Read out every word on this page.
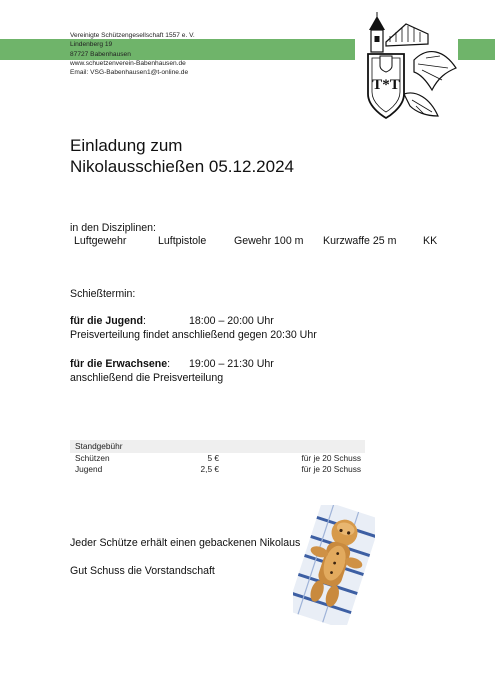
Vereinigte Schützengesellschaft 1557 e. V.
Lindenberg 19
87727 Babenhausen
www.schuetzenverein-Babenhausen.de
Email: VSG-Babenhausen1@t-online.de
T*T
Einladung zum
Nikolausschießen 05.12.2024
in den Disziplinen:
Luftgewehr	Luftpistole	Gewehr 100 m Kurzwaffe 25 m	KK
Schießtermin:
für die Jugend:	18:00 – 20:00 Uhr
Preisverteilung findet anschließend gegen 20:30 Uhr
für die Erwachsene: 19:00 – 21:30 Uhr
anschließend die Preisverteilung
Standgebühr
Schützen	5 €	für je 20 Schuss
Jugend	2,5 €	für je 20 Schuss
Jeder Schütze erhält einen gebackenen Nikolaus
Gut Schuss die Vorstandschaft
